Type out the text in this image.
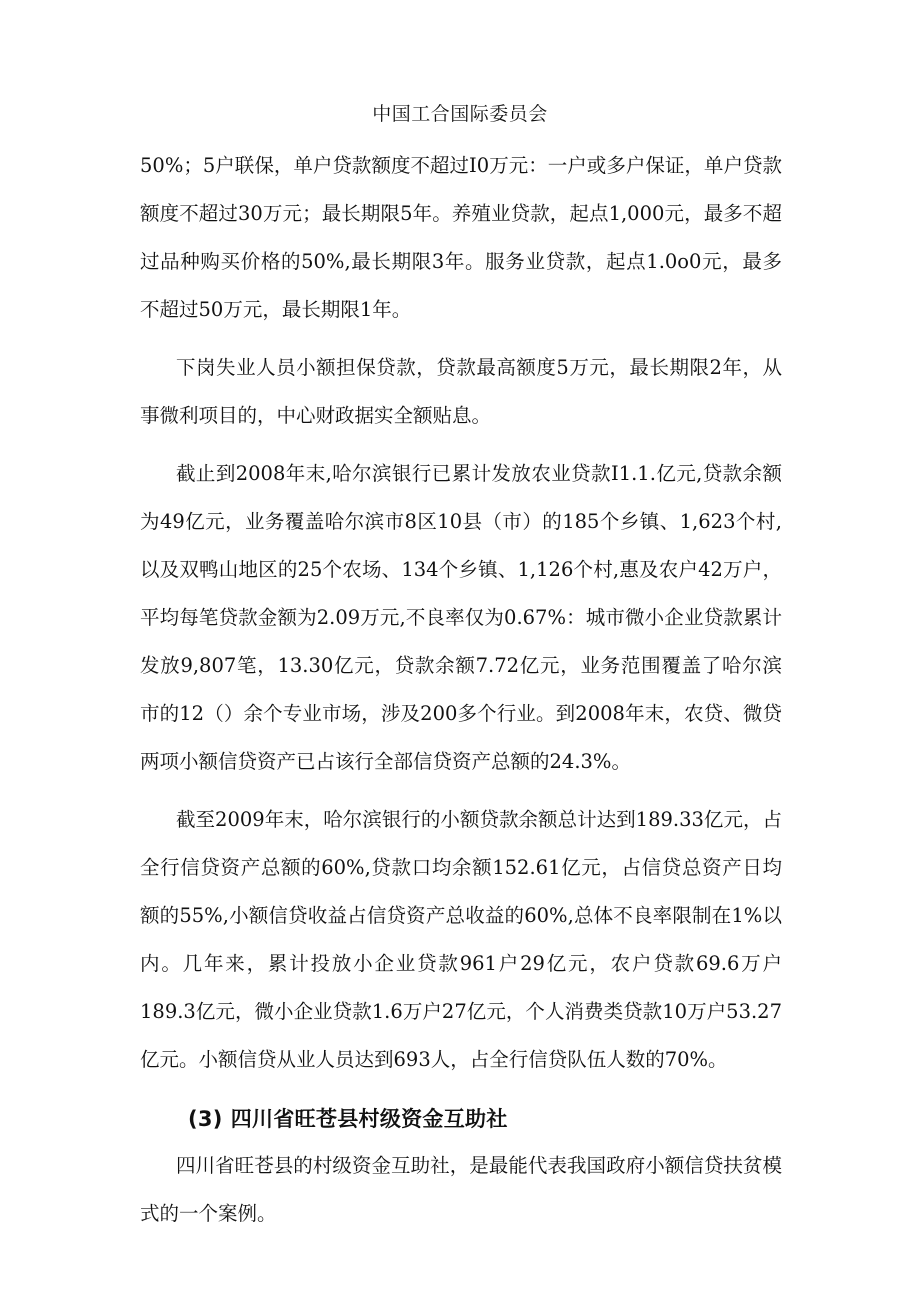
中国工合国际委员会

50%；5户联保，单户贷款额度不超过I0万元：一户或多户保证，单户贷款额度不超过30万元；最长期限5年。养殖业贷款，起点1,000元，最多不超过品种购买价格的50%,最长期限3年。服务业贷款，起点1.0o0元，最多不超过50万元，最长期限1年。

下岗失业人员小额担保贷款，贷款最高额度5万元，最长期限2年，从事微利项目的，中心财政据实全额贴息。

截止到2008年末,哈尔滨银行已累计发放农业贷款I1.1.亿元,贷款余额为49亿元，业务覆盖哈尔滨市8区10县（市）的185个乡镇、1,623个村,以及双鸭山地区的25个农场、134个乡镇、1,126个村,惠及农户42万户，平均每笔贷款金额为2.09万元,不良率仅为0.67%：城市微小企业贷款累计发放9,807笔，13.30亿元，贷款余额7.72亿元，业务范围覆盖了哈尔滨市的12（）余个专业市场，涉及200多个行业。到2008年末，农贷、微贷两项小额信贷资产已占该行全部信贷资产总额的24.3%。

截至2009年末，哈尔滨银行的小额贷款余额总计达到189.33亿元，占全行信贷资产总额的60%,贷款口均余额152.61亿元，占信贷总资产日均额的55%,小额信贷收益占信贷资产总收益的60%,总体不良率限制在1%以内。几年来，累计投放小企业贷款961户29亿元，农户贷款69.6万户189.3亿元，微小企业贷款1.6万户27亿元，个人消费类贷款10万户53.27亿元。小额信贷从业人员达到693人，占全行信贷队伍人数的70%。

(3) 四川省旺苍县村级资金互助社

四川省旺苍县的村级资金互助社，是最能代表我国政府小额信贷扶贫模式的一个案例。
